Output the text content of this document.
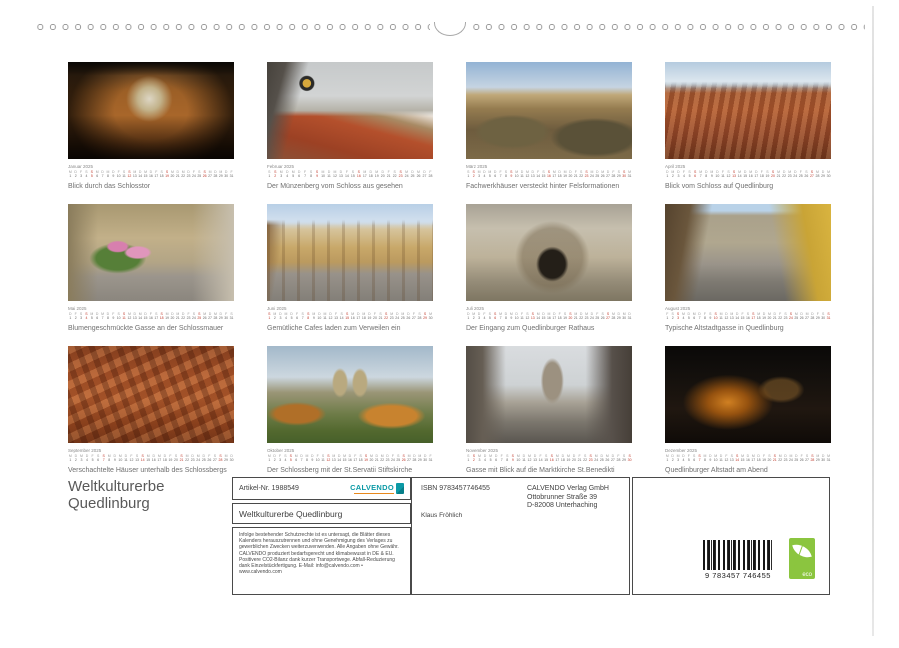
Januar 2025
M
1
D
2
F
3
S
4
S
5
M
6
D
7
M
8
D
9
F
10
S
11
S
12
M
13
D
14
M
15
D
16
F
17
S
18
S
19
M
20
D
21
M
22
D
23
F
24
S
25
S
26
M
27
D
28
M
29
D
30
F
31
Blick durch das Schlosstor
Februar 2025
S
1
S
2
M
3
D
4
M
5
D
6
F
7
S
8
S
9
M
10
D
11
M
12
D
13
F
14
S
15
S
16
M
17
D
18
M
19
D
20
F
21
S
22
S
23
M
24
D
25
M
26
D
27
F
28
Der Münzenberg vom Schloss aus gesehen
März 2025
S
1
S
2
M
3
D
4
M
5
D
6
F
7
S
8
S
9
M
10
D
11
M
12
D
13
F
14
S
15
S
16
M
17
D
18
M
19
D
20
F
21
S
22
S
23
M
24
D
25
M
26
D
27
F
28
S
29
S
30
M
31
Fachwerkhäuser versteckt hinter Felsformationen
April 2025
D
1
M
2
D
3
F
4
S
5
S
6
M
7
D
8
M
9
D
10
F
11
S
12
S
13
M
14
D
15
M
16
D
17
F
18
S
19
S
20
M
21
D
22
M
23
D
24
F
25
S
26
S
27
M
28
D
29
M
30
Blick vom Schloss auf Quedlinburg
Mai 2025
D
1
F
2
S
3
S
4
M
5
D
6
M
7
D
8
F
9
S
10
S
11
M
12
D
13
M
14
D
15
F
16
S
17
S
18
M
19
D
20
M
21
D
22
F
23
S
24
S
25
M
26
D
27
M
28
D
29
F
30
S
31
Blumengeschmückte Gasse an der Schlossmauer
Juni 2025
S
1
M
2
D
3
M
4
D
5
F
6
S
7
S
8
M
9
D
10
M
11
D
12
F
13
S
14
S
15
M
16
D
17
M
18
D
19
F
20
S
21
S
22
M
23
D
24
M
25
D
26
F
27
S
28
S
29
M
30
Gemütliche Cafes laden zum Verweilen ein
Juli 2025
D
1
M
2
D
3
F
4
S
5
S
6
M
7
D
8
M
9
D
10
F
11
S
12
S
13
M
14
D
15
M
16
D
17
F
18
S
19
S
20
M
21
D
22
M
23
D
24
F
25
S
26
S
27
M
28
D
29
M
30
D
31
Der Eingang zum Quedlinburger Rathaus
August 2025
F
1
S
2
S
3
M
4
D
5
M
6
D
7
F
8
S
9
S
10
M
11
D
12
M
13
D
14
F
15
S
16
S
17
M
18
D
19
M
20
D
21
F
22
S
23
S
24
M
25
D
26
M
27
D
28
F
29
S
30
S
31
Typische Altstadtgasse in Quedlinburg
September 2025
M
1
D
2
M
3
D
4
F
5
S
6
S
7
M
8
D
9
M
10
D
11
F
12
S
13
S
14
M
15
D
16
M
17
D
18
F
19
S
20
S
21
M
22
D
23
M
24
D
25
F
26
S
27
S
28
M
29
D
30
Verschachtelte Häuser unterhalb des Schlossbergs
Oktober 2025
M
1
D
2
F
3
S
4
S
5
M
6
D
7
M
8
D
9
F
10
S
11
S
12
M
13
D
14
M
15
D
16
F
17
S
18
S
19
M
20
D
21
M
22
D
23
F
24
S
25
S
26
M
27
D
28
M
29
D
30
F
31
Der Schlossberg mit der St.Servatii Stiftskirche
November 2025
S
1
S
2
M
3
D
4
M
5
D
6
F
7
S
8
S
9
M
10
D
11
M
12
D
13
F
14
S
15
S
16
M
17
D
18
M
19
D
20
F
21
S
22
S
23
M
24
D
25
M
26
D
27
F
28
S
29
S
30
Gasse mit Blick auf die Marktkirche St.Benedikti
Dezember 2025
M
1
D
2
M
3
D
4
F
5
S
6
S
7
M
8
D
9
M
10
D
11
F
12
S
13
S
14
M
15
D
16
M
17
D
18
F
19
S
20
S
21
M
22
D
23
M
24
D
25
F
26
S
27
S
28
M
29
D
30
M
31
Quedlinburger Altstadt am Abend
Weltkulturerbe
Quedlinburg
Artikel-Nr. 1988549	CALVENDO
Weltkulturerbe Quedlinburg
Infolge bestehender Schutzrechte ist es untersagt, die Blätter dieses Kalenders herauszutrennen und ohne Genehmigung des Verlages zu gewerblichen Zwecken weiterzuverwenden. Alle Angaben ohne Gewähr. CALVENDO produziert bedarfsgerecht und klimabewusst in DE & EU. Positivere CO2-Bilanz dank kurzer Transportwege. Abfall-Reduzierung dank Einzelstückfertigung. E-Mail: info@calvendo.com • www.calvendo.com
ISBN 9783457746455
Klaus Fröhlich
CALVENDO Verlag GmbH
Ottobrunner Straße 39
D-82008 Unterhaching
9 783457 746455	eco
